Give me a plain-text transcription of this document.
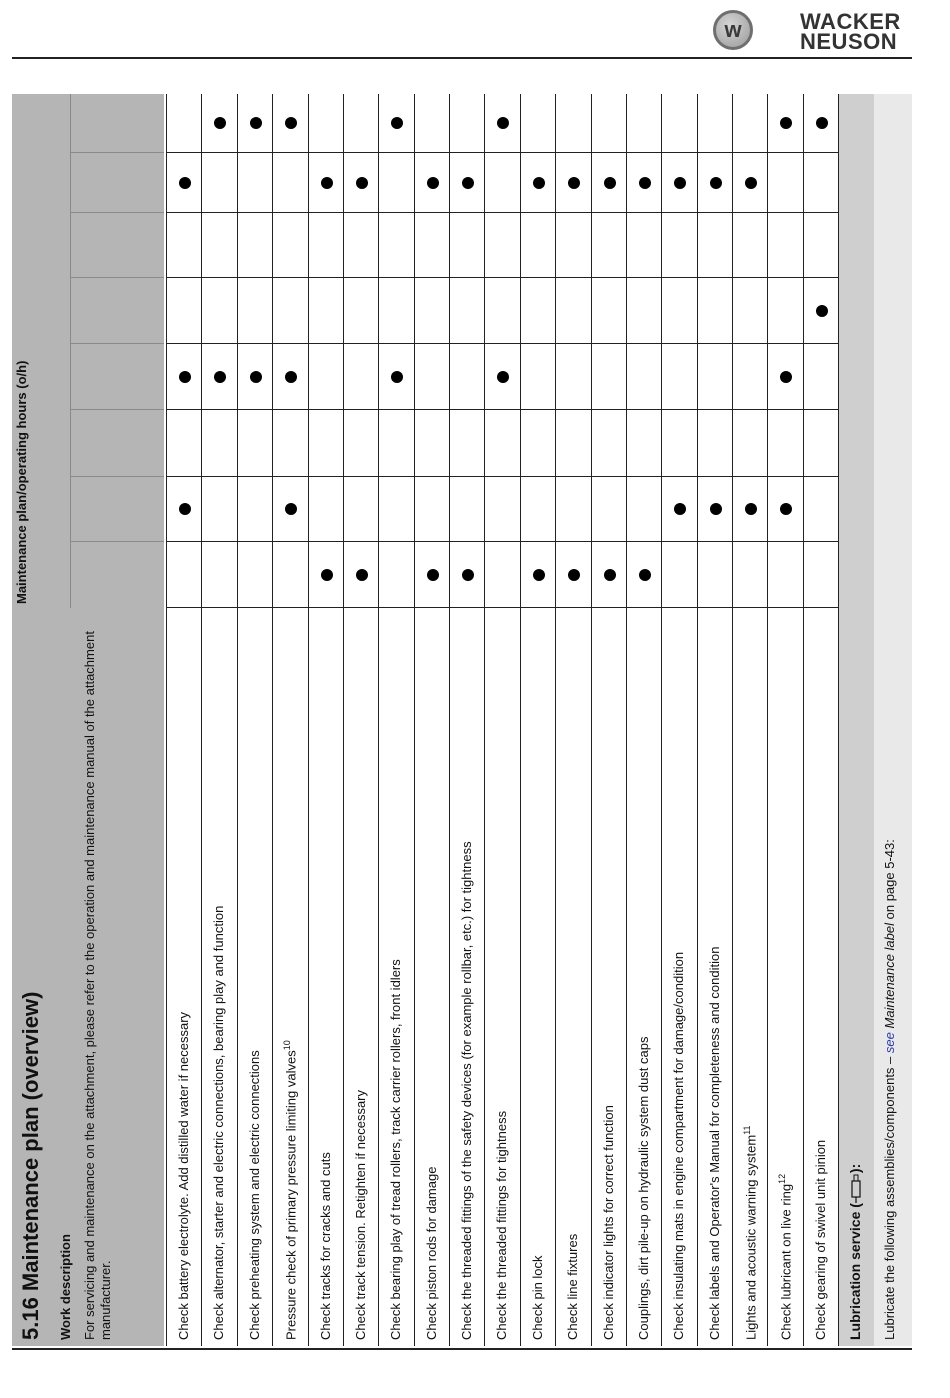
w	WACKER NEUSON
5.16 Maintenance plan (overview) Work description For servicing and maintenance on the attachment, please refer to the operation and maintenance manual of the attachment manufacturer.
Maintenance plan/operating hours (o/h)
Check battery electrolyte. Add distilled water if necessary Check alternator, starter and electric connections, bearing play and function Check preheating system and electric connections Pressure check of primary pressure limiting valves$^{10}$
Check tracks for cracks and cuts Check track tension. Retighten if necessary Check bearing play of tread rollers, track carrier rollers, front idlers Check piston rods for damage Check the threaded fittings of the safety devices (for example rollbar, etc.) for tightness Check the threaded fittings for tightness Check pin lock Check line fixtures Check indicator lights for correct function Couplings, dirt pile-up on hydraulic system dust caps Check insulating mats in engine compartment for damage/condition Check labels and Operator's Manual for completeness and condition Lights and acoustic warning system$^{11}$
Check lubricant on live ring$^{12}$	Check gearing of swivel unit pinion Lubrication service (): Lubricate the following assemblies/components – see Maintenance label on page 5-43:
